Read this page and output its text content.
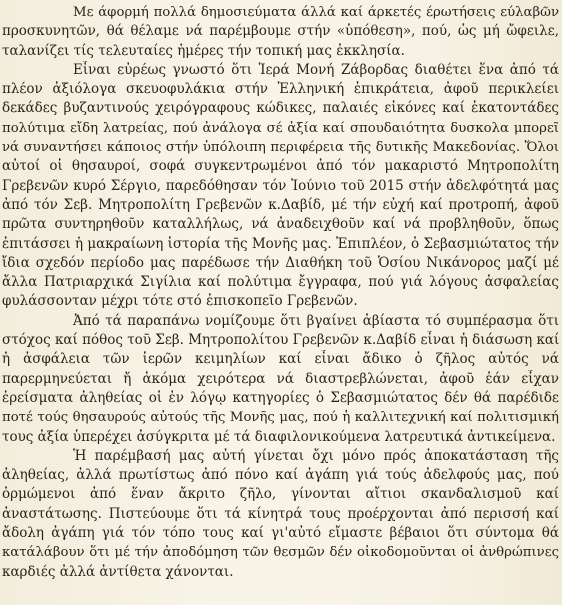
Με άφορμή πολλά δημοσιεύματα άλλά καί άρκετές έρωτήσεις εύλαβῶν
προσκυνητῶν, θά θέλαμε νά παρέμβουμε στήν «ὑπόθεση», πού, ὡς μή ὤφειλε,
ταλανίζει τίς τελευταίες ἡμέρες τήν τοπική μας ἐκκλησία.
Εἶναι εὐρέως γνωστό ὅτι Ἱερά Μονή Ζάβορδας διαθέτει ἕνα ἀπό τά
πλέον ἀξιόλογα σκευοφυλάκια στήν Ἑλληνική ἐπικράτεια, ἀφοῦ περικλείει
δεκάδες βυζαντινούς χειρόγραφους κώδικες, παλαιές εἰκόνες καί ἑκατοντάδες
πολύτιμα εἴδη λατρείας, πού ἀνάλογα σέ ἀξία καί σπουδαιότητα δυσκολα μπορεῖ
νά συναντήσει κάποιος στήν ὑπόλοιπη περιφέρεια τῆς δυτικῆς Μακεδονίας. Ὅλοι
αὐτοί οἱ θησαυροί, σοφά συγκεντρωμένοι ἀπό τόν μακαριστό Μητροπολίτη
Γρεβενῶν κυρό Σέργιο, παρεδόθησαν τόν Ἰούνιο τοῦ 2015 στήν ἀδελφότητά μας
ἀπό τόν Σεβ. Μητροπολίτη Γρεβενῶν κ.Δαβίδ, μέ τήν εὐχή καί προτροπή, ἀφοῦ
πρῶτα συντηρηθοῦν καταλλήλως, νά ἀναδειχθοῦν καί νά προβληθοῦν, ὅπως
ἐπιτάσσει ἡ μακραίωνη ἱστορία τῆς Μονῆς μας. Ἐπιπλέον, ὁ Σεβασμιώτατος τήν
ἴδια σχεδόν περίοδο μας παρέδωσε τήν Διαθήκη τοῦ Ὁσίου Νικάνορος μαζί μέ
ἄλλα Πατριαρχικά Σιγίλια καί πολύτιμα ἔγγραφα, πού γιά λόγους ἀσφαλείας
φυλάσσονταν μέχρι τότε στό ἐπισκοπεῖο Γρεβενῶν.
Ἀπό τά παραπάνω νομίζουμε ὅτι βγαίνει ἀβίαστα τό συμπέρασμα ὅτι
στόχος καί πόθος τοῦ Σεβ. Μητροπολίτου Γρεβενῶν κ.Δαβίδ εἶναι ἡ διάσωση καί
ἡ ἀσφάλεια τῶν ἱερῶν κειμηλίων καί εἶναι ἄδικο ὁ ζῆλος αὐτός νά
παρερμηνεύεται ἤ ἀκόμα χειρότερα νά διαστρεβλώνεται, ἀφοῦ ἐάν εἶχαν
ἐρείσματα ἀληθείας οἱ ἐν λόγῳ κατηγορίες ὁ Σεβασμιώτατος δέν θά παρέδιδε
ποτέ τούς θησαυρούς αὐτούς τῆς Μονῆς μας, πού ἡ καλλιτεχνική καί πολιτισμική
τους ἀξία ὑπερέχει ἀσύγκριτα μέ τά διαφιλονικούμενα λατρευτικά ἀντικείμενα.
Ἡ παρέμβασή μας αὐτή γίνεται ὄχι μόνο πρός ἀποκατάσταση τῆς
ἀληθείας, ἀλλά πρωτίστως ἀπό πόνο καί ἀγάπη γιά τούς ἀδελφούς μας, πού
ὁρμώμενοι ἀπό ἕναν ἄκριτο ζῆλο, γίνονται αἴτιοι σκανδαλισμοῦ καί
ἀναστάτωσης. Πιστεύουμε ὅτι τά κίνητρά τους προέρχονται ἀπό περισσή καί
ἄδολη ἀγάπη γιά τόν τόπο τους καί γι'αὐτό εἴμαστε βέβαιοι ὅτι σύντομα θά
κατάλάβουν ὅτι μέ τήν ἀποδόμηση τῶν θεσμῶν δέν οἰκοδομοῦνται οἱ ἀνθρώπινες
καρδιές ἀλλά ἀντίθετα χάνονται.
